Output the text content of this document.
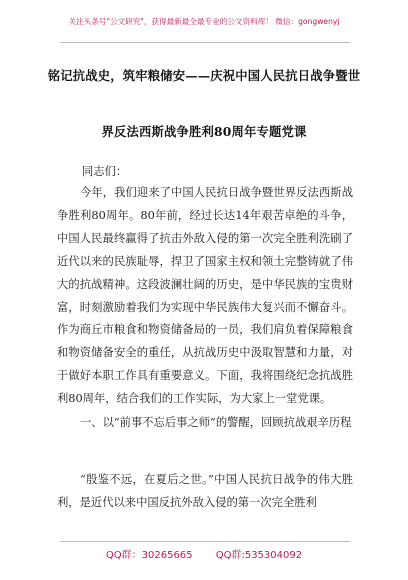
关注头条号"公文研究"，获得最新最全最专业的公文资料库！ 微信：gongwenyj
铭记抗战史，筑牢粮储安——庆祝中国人民抗日战争暨世
界反法西斯战争胜利80周年专题党课
同志们：
今年，我们迎来了中国人民抗日战争暨世界反法西斯战争胜利80周年。80年前，经过长达14年艰苦卓绝的斗争，中国人民最终赢得了抗击外敌入侵的第一次完全胜利洗刷了近代以来的民族耻辱，捍卫了国家主权和领土完整铸就了伟大的抗战精神。这段波澜壮阔的历史，是中华民族的宝贵财富，时刻激励着我们为实现中华民族伟大复兴而不懈奋斗。作为商丘市粮食和物资储备局的一员，我们肩负着保障粮食和物资储备安全的重任，从抗战历史中汲取智慧和力量，对于做好本职工作具有重要意义。下面，我将围绕纪念抗战胜利80周年，结合我们的工作实际，为大家上一堂党课。
一、以“前事不忘后事之师”的警醒，回顾抗战艰辛历程
“殷鉴不远，在夏后之世。”中国人民抗日战争的伟大胜利，是近代以来中国反抗外敌入侵的第一次完全胜利
QQ群：30265665 QQ群:535304092
